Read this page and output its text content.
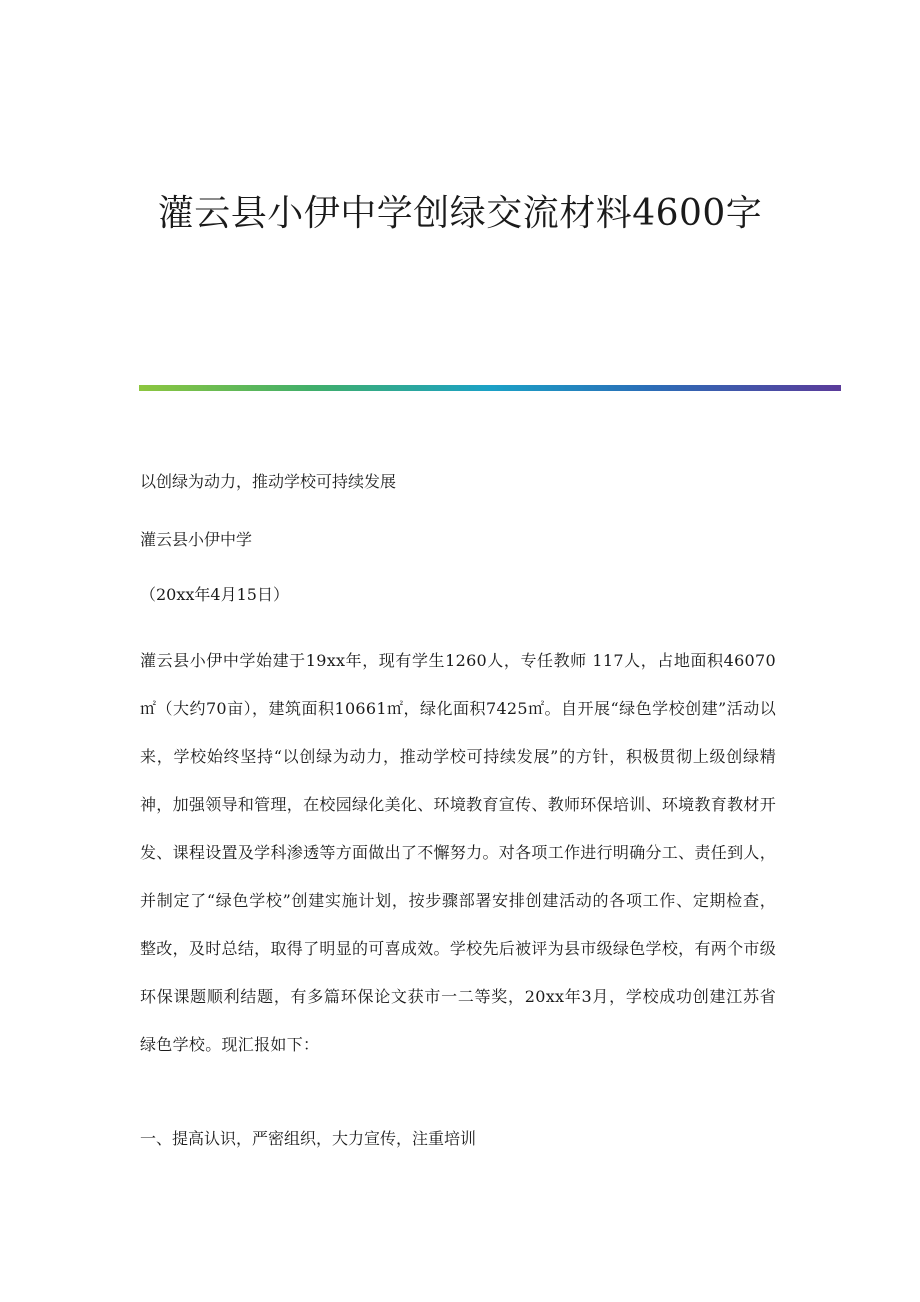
灌云县小伊中学创绿交流材料4600字

以创绿为动力，推动学校可持续发展

灌云县小伊中学

（20xx年4月15日）

灌云县小伊中学始建于19xx年，现有学生1260人，专任教师 117人，占地面积46070㎡（大约70亩），建筑面积10661㎡，绿化面积7425㎡。自开展“绿色学校创建”活动以来，学校始终坚持“以创绿为动力，推动学校可持续发展”的方针，积极贯彻上级创绿精神，加强领导和管理，在校园绿化美化、环境教育宣传、教师环保培训、环境教育教材开发、课程设置及学科渗透等方面做出了不懈努力。对各项工作进行明确分工、责任到人，并制定了“绿色学校”创建实施计划，按步骤部署安排创建活动的各项工作、定期检查，整改，及时总结，取得了明显的可喜成效。学校先后被评为县市级绿色学校，有两个市级环保课题顺利结题，有多篇环保论文获市一二等奖，20xx年3月，学校成功创建江苏省绿色学校。现汇报如下：

一、提高认识，严密组织，大力宣传，注重培训
